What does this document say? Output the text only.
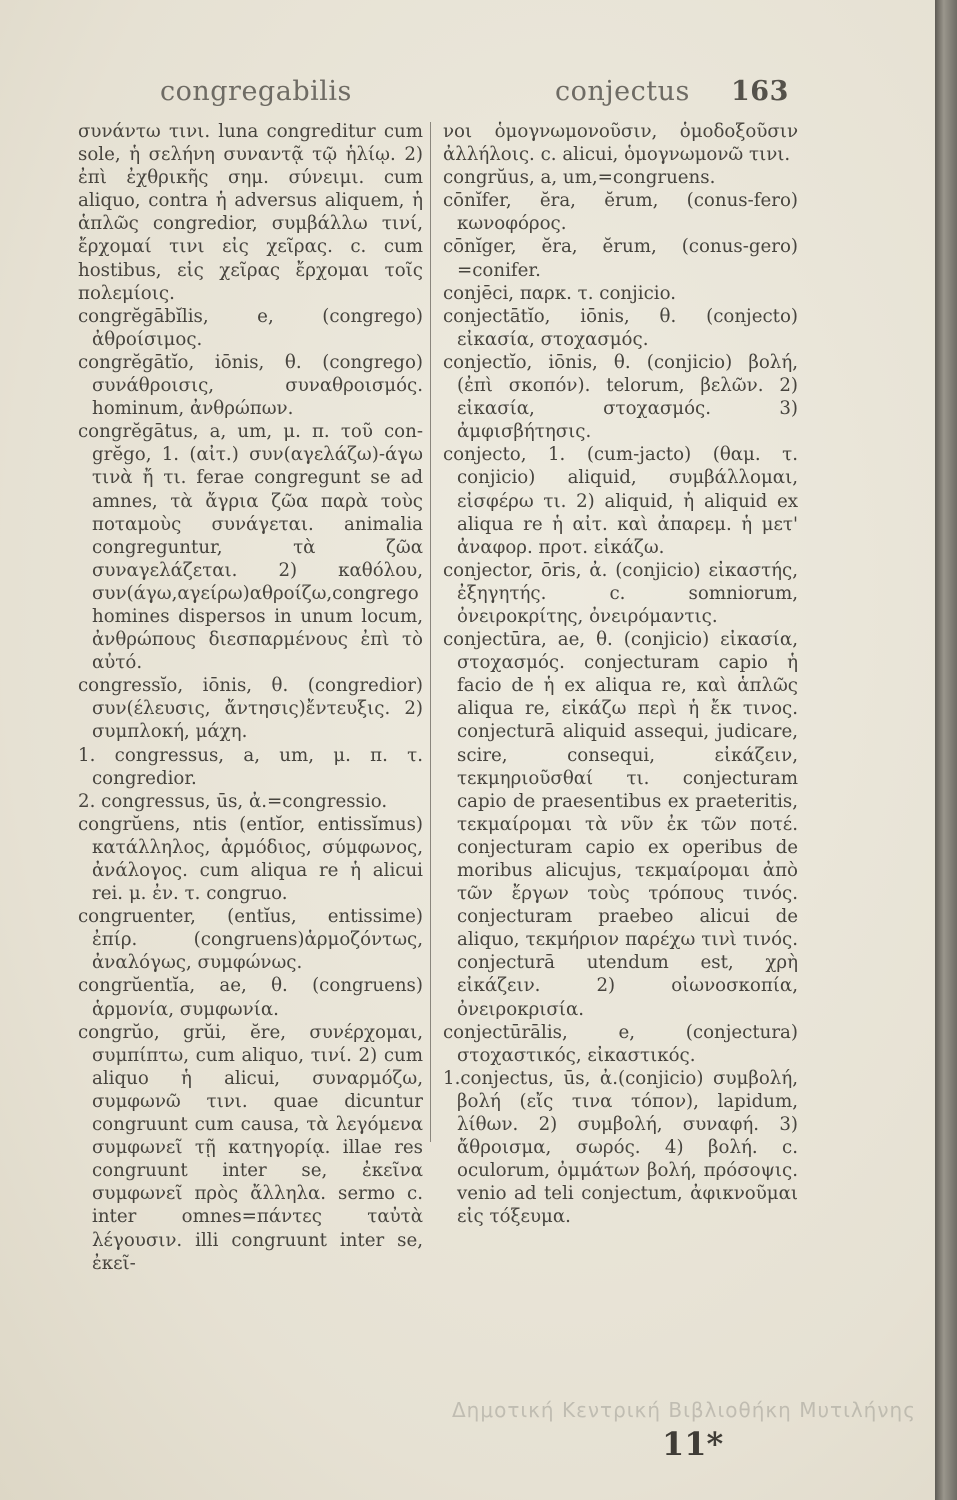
congregabilis	conjectus 163

συνάντω τινι. luna congreditur cum sole, ἡ σελήνη συναντᾷ τῷ ἡλίῳ. 2) ἐπὶ ἐχθρικῆς σημ. σύνειμι. cum aliquo, contra ἡ adversus aliquem, ἡ ἁπλῶς congredior, συμβάλλω τινί, ἔρχομαί τινι εἰς χεῖρας. c. cum hostibus, εἰς χεῖρας ἔρχομαι τοῖς πολεμίοις.

congrĕgābĭlis, e, (congrego) ἀθροίσιμος.

congrĕgātĭo, iōnis, θ. (congrego) συνάθροισις, συναθροισμός. hominum, ἀνθρώπων.

congrĕgātus, a, um, μ. π. τοῦ con-grĕgo, 1. (αἰτ.) συν(αγελάζω)-άγω τινὰ ἤ τι. ferae congregunt se ad amnes, τὰ ἄγρια ζῶα παρὰ τοὺς ποταμοὺς συνάγεται. animalia congreguntur, τὰ ζῶα συναγελάζεται. 2) καθόλου, συν(άγω,αγείρω)αθροίζω,congrego homines dispersos in unum locum, ἀνθρώπους διεσπαρμένους ἐπὶ τὸ αὐτό.

congressĭo, iōnis, θ. (congredior) συν(έλευσις, ἄντησις)ἔντευξις. 2) συμπλοκή, μάχη.

1. congressus, a, um, μ. π. τ. congredior.

2. congressus, ūs, ἀ.=congressio.

congrŭens, ntis (entĭor, entissĭmus) κατάλληλος, ἁρμόδιος, σύμφωνος, ἀνάλογος. cum aliqua re ἡ alicui rei. μ. ἐν. τ. congruo.

congruenter, (entĭus, entissime) ἐπίρ. (congruens)ἁρμοζόντως, ἀναλόγως, συμφώνως.

congrŭentĭa, ae, θ. (congruens) ἁρμονία, συμφωνία.

congrŭo, grŭi, ĕre, συνέρχομαι, συμπίπτω, cum aliquo, τινί. 2) cum aliquo ἡ alicui, συναρμόζω, συμφωνῶ τινι. quae dicuntur congruunt cum causa, τὰ λεγόμενα συμφωνεῖ τῇ κατηγορίᾳ. illae res congruunt inter se, ἐκεῖνα συμφωνεῖ πρὸς ἄλληλα. sermo c. inter omnes=πάντες ταὐτὰ λέγουσιν. illi congruunt inter se, ἐκεῖ-

νοι ὁμογνωμονοῦσιν, ὁμοδοξοῦσιν ἀλλήλοις. c. alicui, ὁμογνωμονῶ τινι.

congrŭus, a, um,=congruens.

cōnĭfer, ĕra, ĕrum, (conus-fero) κωνοφόρος.

cōnĭger, ĕra, ĕrum, (conus-gero) =conifer.

conjēci, παρκ. τ. conjicio.

conjectātĭo, iōnis, θ. (conjecto) εἰκασία, στοχασμός.

conjectĭo, iōnis, θ. (conjicio) βολή, (ἐπὶ σκοπόν). telorum, βελῶν. 2) εἰκασία, στοχασμός. 3) ἀμφισβήτησις.

conjecto, 1. (cum-jacto) (θαμ. τ. conjicio) aliquid, συμβάλλομαι, εἰσφέρω τι. 2) aliquid, ἡ aliquid ex aliqua re ἡ αἰτ. καὶ ἀπαρεμ. ἡ μετ' ἀναφορ. προτ. εἰκάζω.

conjector, ōris, ἀ. (conjicio) εἰκαστής, ἐξηγητής. c. somniorum, ὀνειροκρίτης, ὀνειρόμαντις.

conjectūra, ae, θ. (conjicio) εἰκασία, στοχασμός. conjecturam capio ἡ facio de ἡ ex aliqua re, καὶ ἁπλῶς aliqua re, εἰκάζω περὶ ἡ ἔκ τινος. conjecturā aliquid assequi, judicare, scire, consequi, εἰκάζειν, τεκμηριοῦσθαί τι. conjecturam capio de praesentibus ex praeteritis, τεκμαίρομαι τὰ νῦν ἐκ τῶν ποτέ. conjecturam capio ex operibus de moribus alicujus, τεκμαίρομαι ἀπὸ τῶν ἔργων τοὺς τρόπους τινός. conjecturam praebeo alicui de aliquo, τεκμήριον παρέχω τινὶ τινός. conjecturā utendum est, χρὴ εἰκάζειν. 2) οἰωνοσκοπία, ὀνειροκρισία.

conjectūrālis, e, (conjectura) στοχαστικός, εἰκαστικός.

1.conjectus, ūs, ἀ.(conjicio) συμβολή, βολή (εἴς τινα τόπον), lapidum, λίθων. 2) συμβολή, συναφή. 3) ἄθροισμα, σωρός. 4) βολή. c. oculorum, ὀμμάτων βολή, πρόσοψις. venio ad teli conjectum, ἀφικνοῦμαι εἰς τόξευμα.

Δημοτική Κεντρική Βιβλιοθήκη Μυτιλήνης
11*
